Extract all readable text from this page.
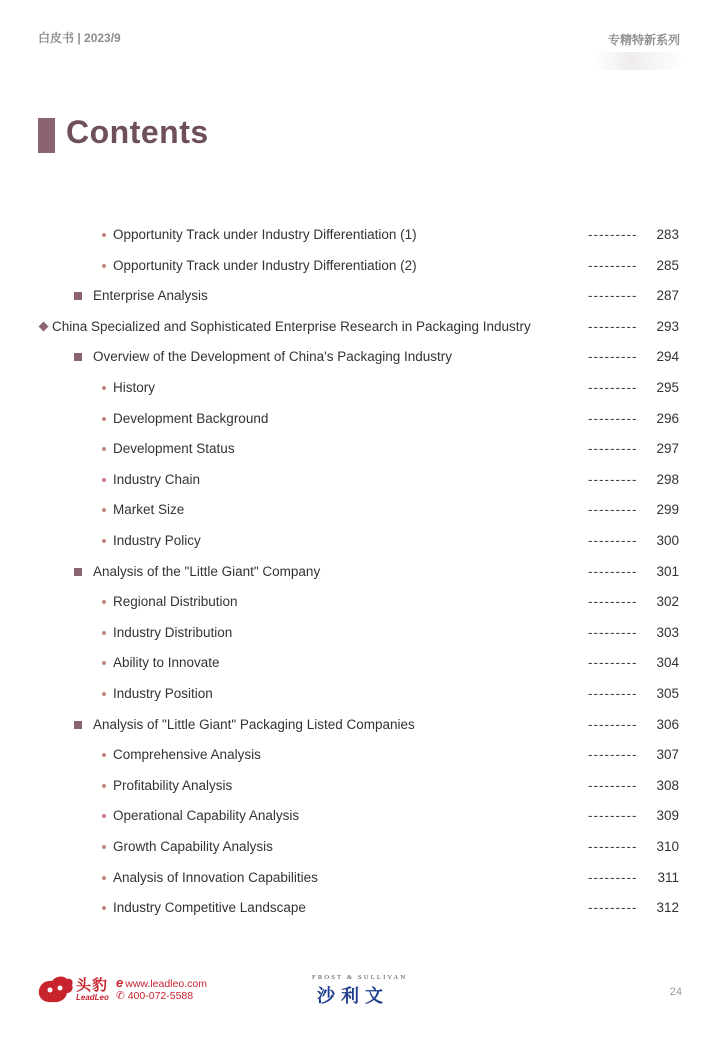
白皮书 | 2023/9	专精特新系列
Contents
Opportunity Track under Industry Differentiation (1)	--------- 283
Opportunity Track under Industry Differentiation (2)	--------- 285
Enterprise Analysis	--------- 287
China Specialized and Sophisticated Enterprise Research in Packaging Industry	--------- 293
Overview of the Development of China's Packaging Industry	--------- 294
History	--------- 295
Development Background	--------- 296
Development Status	--------- 297
Industry Chain	--------- 298
Market Size	--------- 299
Industry Policy	--------- 300
Analysis of the "Little Giant" Company	--------- 301
Regional Distribution	--------- 302
Industry Distribution	--------- 303
Ability to Innovate	--------- 304
Industry Position	--------- 305
Analysis of "Little Giant" Packaging Listed Companies	--------- 306
Comprehensive Analysis	--------- 307
Profitability Analysis	--------- 308
Operational Capability Analysis	--------- 309
Growth Capability Analysis	--------- 310
Analysis of Innovation Capabilities	--------- 311
Industry Competitive Landscape	--------- 312
头豹
LeadLeo
e www.leadleo.com
✆ 400-072-5588
FROST & SULLIVAN
沙利文	24
